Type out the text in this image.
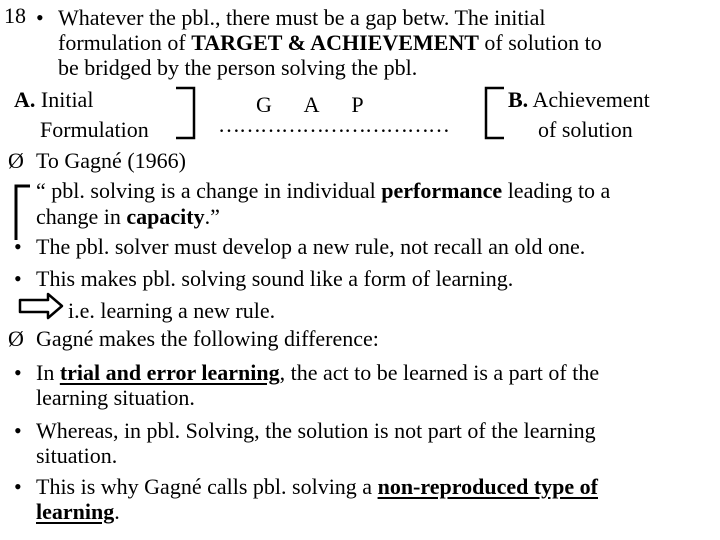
18 • Whatever the pbl., there must be a gap betw. The initial
formulation of TARGET & ACHIEVEMENT of solution to
be bridged by the person solving the pbl.
A. Initial
Formulation
G      A      P
……………………………
B. Achievement
of solution
Ø To Gagné (1966)
“ pbl. solving is a change in individual performance leading to a
change in capacity.”
• The pbl. solver must develop a new rule, not recall an old one.
• This makes pbl. solving sound like a form of learning.
i.e. learning a new rule.
Ø Gagné makes the following difference:
• In trial and error learning, the act to be learned is a part of the
learning situation.
• Whereas, in pbl. Solving, the solution is not part of the learning
situation.
• This is why Gagné calls pbl. solving a non-reproduced type of
learning.
